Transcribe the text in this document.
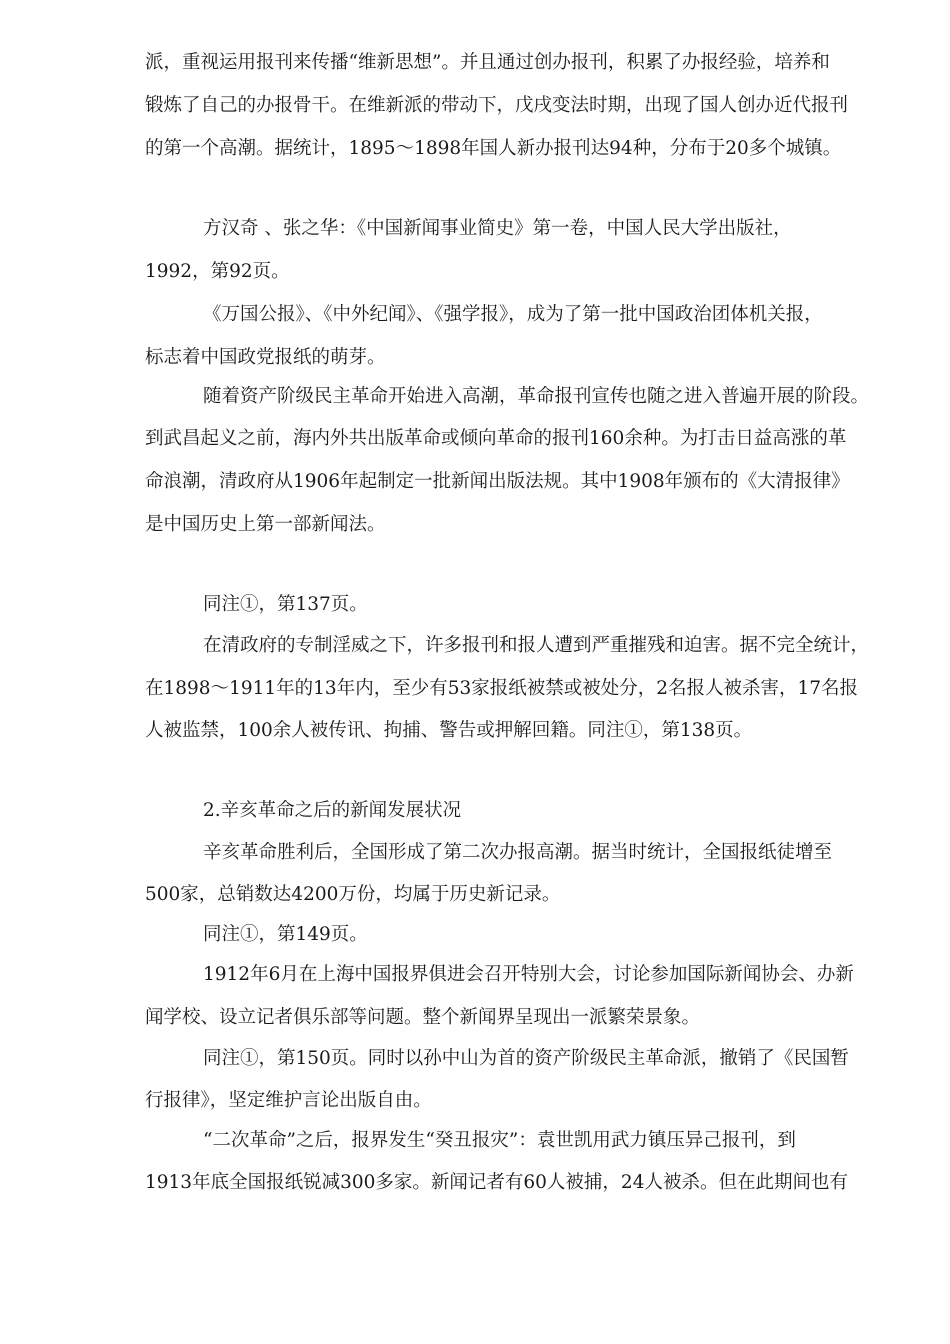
派，重视运用报刊来传播“维新思想”。并且通过创办报刊，积累了办报经验，培养和
锻炼了自己的办报骨干。在维新派的带动下，戊戌变法时期，出现了国人创办近代报刊
的第一个高潮。据统计，1895～1898年国人新办报刊达94种，分布于20多个城镇。
方汉奇 、张之华：《中国新闻事业简史》第一卷，中国人民大学出版社，
1992，第92页。
《万国公报》、《中外纪闻》、《强学报》，成为了第一批中国政治团体机关报，
标志着中国政党报纸的萌芽。
随着资产阶级民主革命开始进入高潮，革命报刊宣传也随之进入普遍开展的阶段。
到武昌起义之前，海内外共出版革命或倾向革命的报刊160余种。为打击日益高涨的革
命浪潮，清政府从1906年起制定一批新闻出版法规。其中1908年颁布的《大清报律》
是中国历史上第一部新闻法。
同注①，第137页。
在清政府的专制淫威之下，许多报刊和报人遭到严重摧残和迫害。据不完全统计，
在1898～1911年的13年内，至少有53家报纸被禁或被处分，2名报人被杀害，17名报
人被监禁，100余人被传讯、拘捕、警告或押解回籍。同注①，第138页。
2.辛亥革命之后的新闻发展状况
辛亥革命胜利后，全国形成了第二次办报高潮。据当时统计，全国报纸徒增至
500家，总销数达4200万份，均属于历史新记录。
同注①，第149页。
1912年6月在上海中国报界俱进会召开特别大会，讨论参加国际新闻协会、办新
闻学校、设立记者俱乐部等问题。整个新闻界呈现出一派繁荣景象。
同注①，第150页。同时以孙中山为首的资产阶级民主革命派，撤销了《民国暂
行报律》，坚定维护言论出版自由。
“二次革命”之后，报界发生“癸丑报灾”：袁世凯用武力镇压异己报刊，到
1913年底全国报纸锐减300多家。新闻记者有60人被捕，24人被杀。但在此期间也有
